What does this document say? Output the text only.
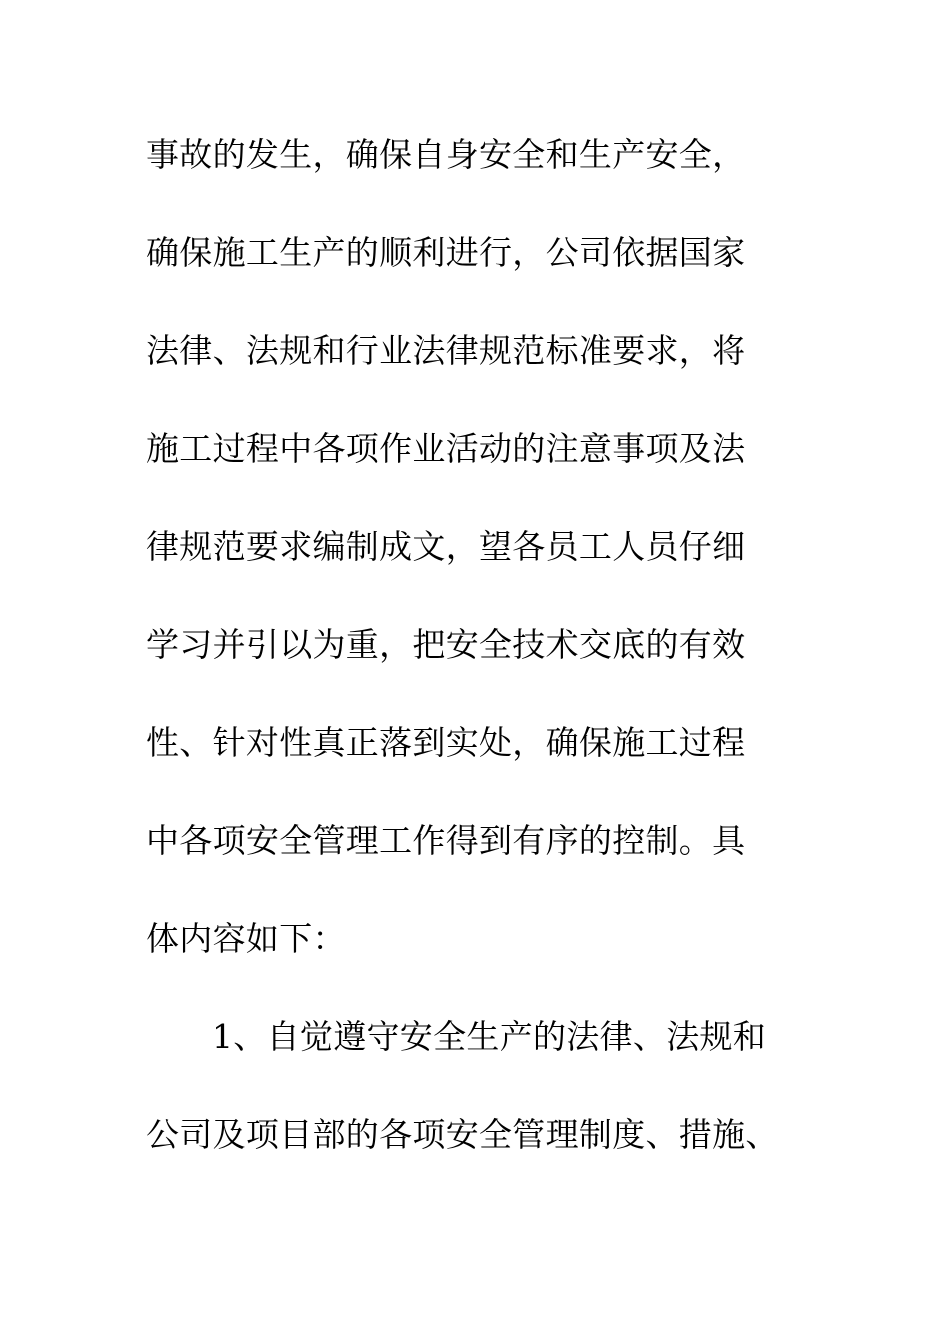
事故的发生，确保自身安全和生产安全，
确保施工生产的顺利进行，公司依据国家
法律、法规和行业法律规范标准要求，将
施工过程中各项作业活动的注意事项及法
律规范要求编制成文，望各员工人员仔细
学习并引以为重，把安全技术交底的有效
性、针对性真正落到实处，确保施工过程
中各项安全管理工作得到有序的控制。具
体内容如下：
1、自觉遵守安全生产的法律、法规和
公司及项目部的各项安全管理制度、措施、
